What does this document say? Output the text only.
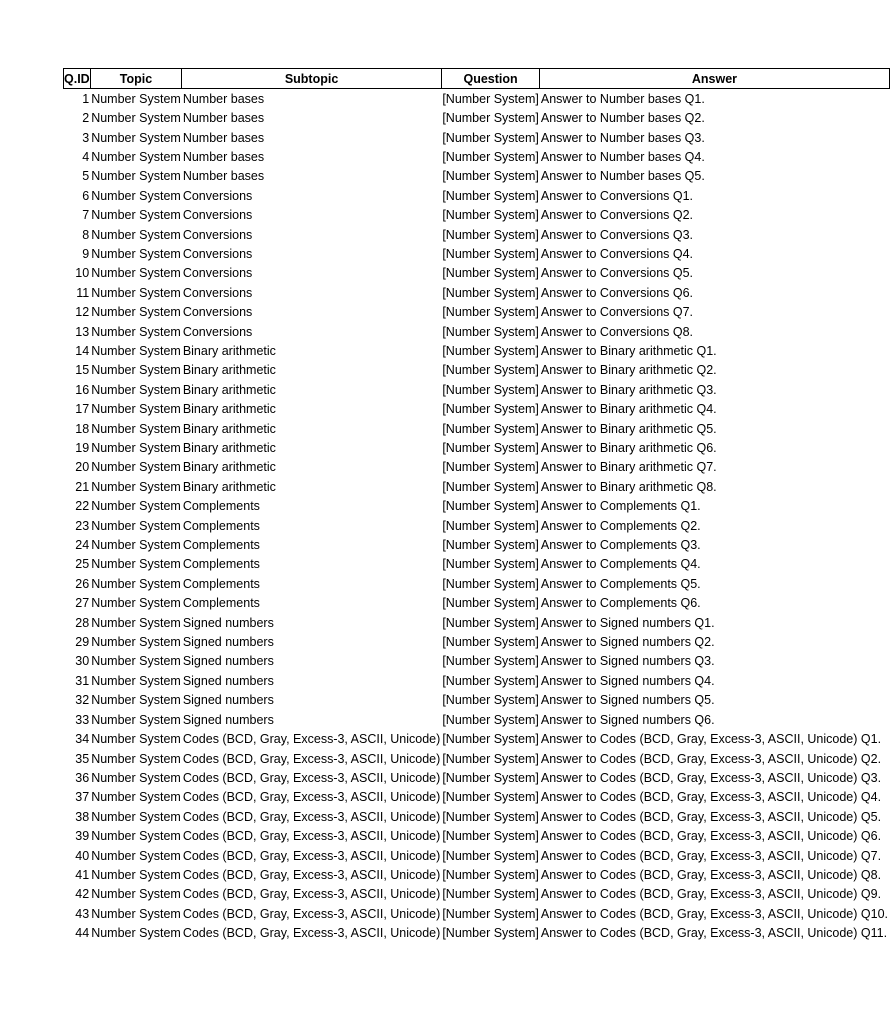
Q.ID	Topic	Subtopic	Question	Answer
1	Number System	Number bases	[Number System]	Answer to Number bases Q1.
2	Number System	Number bases	[Number System]	Answer to Number bases Q2.
3	Number System	Number bases	[Number System]	Answer to Number bases Q3.
4	Number System	Number bases	[Number System]	Answer to Number bases Q4.
5	Number System	Number bases	[Number System]	Answer to Number bases Q5.
6	Number System	Conversions	[Number System]	Answer to Conversions Q1.
7	Number System	Conversions	[Number System]	Answer to Conversions Q2.
8	Number System	Conversions	[Number System]	Answer to Conversions Q3.
9	Number System	Conversions	[Number System]	Answer to Conversions Q4.
10	Number System	Conversions	[Number System]	Answer to Conversions Q5.
11	Number System	Conversions	[Number System]	Answer to Conversions Q6.
12	Number System	Conversions	[Number System]	Answer to Conversions Q7.
13	Number System	Conversions	[Number System]	Answer to Conversions Q8.
14	Number System	Binary arithmetic	[Number System]	Answer to Binary arithmetic Q1.
15	Number System	Binary arithmetic	[Number System]	Answer to Binary arithmetic Q2.
16	Number System	Binary arithmetic	[Number System]	Answer to Binary arithmetic Q3.
17	Number System	Binary arithmetic	[Number System]	Answer to Binary arithmetic Q4.
18	Number System	Binary arithmetic	[Number System]	Answer to Binary arithmetic Q5.
19	Number System	Binary arithmetic	[Number System]	Answer to Binary arithmetic Q6.
20	Number System	Binary arithmetic	[Number System]	Answer to Binary arithmetic Q7.
21	Number System	Binary arithmetic	[Number System]	Answer to Binary arithmetic Q8.
22	Number System	Complements	[Number System]	Answer to Complements Q1.
23	Number System	Complements	[Number System]	Answer to Complements Q2.
24	Number System	Complements	[Number System]	Answer to Complements Q3.
25	Number System	Complements	[Number System]	Answer to Complements Q4.
26	Number System	Complements	[Number System]	Answer to Complements Q5.
27	Number System	Complements	[Number System]	Answer to Complements Q6.
28	Number System	Signed numbers	[Number System]	Answer to Signed numbers Q1.
29	Number System	Signed numbers	[Number System]	Answer to Signed numbers Q2.
30	Number System	Signed numbers	[Number System]	Answer to Signed numbers Q3.
31	Number System	Signed numbers	[Number System]	Answer to Signed numbers Q4.
32	Number System	Signed numbers	[Number System]	Answer to Signed numbers Q5.
33	Number System	Signed numbers	[Number System]	Answer to Signed numbers Q6.
34	Number System	Codes (BCD, Gray, Excess-3, ASCII, Unicode)	[Number System]	Answer to Codes (BCD, Gray, Excess-3, ASCII, Unicode) Q1.
35	Number System	Codes (BCD, Gray, Excess-3, ASCII, Unicode)	[Number System]	Answer to Codes (BCD, Gray, Excess-3, ASCII, Unicode) Q2.
36	Number System	Codes (BCD, Gray, Excess-3, ASCII, Unicode)	[Number System]	Answer to Codes (BCD, Gray, Excess-3, ASCII, Unicode) Q3.
37	Number System	Codes (BCD, Gray, Excess-3, ASCII, Unicode)	[Number System]	Answer to Codes (BCD, Gray, Excess-3, ASCII, Unicode) Q4.
38	Number System	Codes (BCD, Gray, Excess-3, ASCII, Unicode)	[Number System]	Answer to Codes (BCD, Gray, Excess-3, ASCII, Unicode) Q5.
39	Number System	Codes (BCD, Gray, Excess-3, ASCII, Unicode)	[Number System]	Answer to Codes (BCD, Gray, Excess-3, ASCII, Unicode) Q6.
40	Number System	Codes (BCD, Gray, Excess-3, ASCII, Unicode)	[Number System]	Answer to Codes (BCD, Gray, Excess-3, ASCII, Unicode) Q7.
41	Number System	Codes (BCD, Gray, Excess-3, ASCII, Unicode)	[Number System]	Answer to Codes (BCD, Gray, Excess-3, ASCII, Unicode) Q8.
42	Number System	Codes (BCD, Gray, Excess-3, ASCII, Unicode)	[Number System]	Answer to Codes (BCD, Gray, Excess-3, ASCII, Unicode) Q9.
43	Number System	Codes (BCD, Gray, Excess-3, ASCII, Unicode)	[Number System]	Answer to Codes (BCD, Gray, Excess-3, ASCII, Unicode) Q10.
44	Number System	Codes (BCD, Gray, Excess-3, ASCII, Unicode)	[Number System]	Answer to Codes (BCD, Gray, Excess-3, ASCII, Unicode) Q11.
